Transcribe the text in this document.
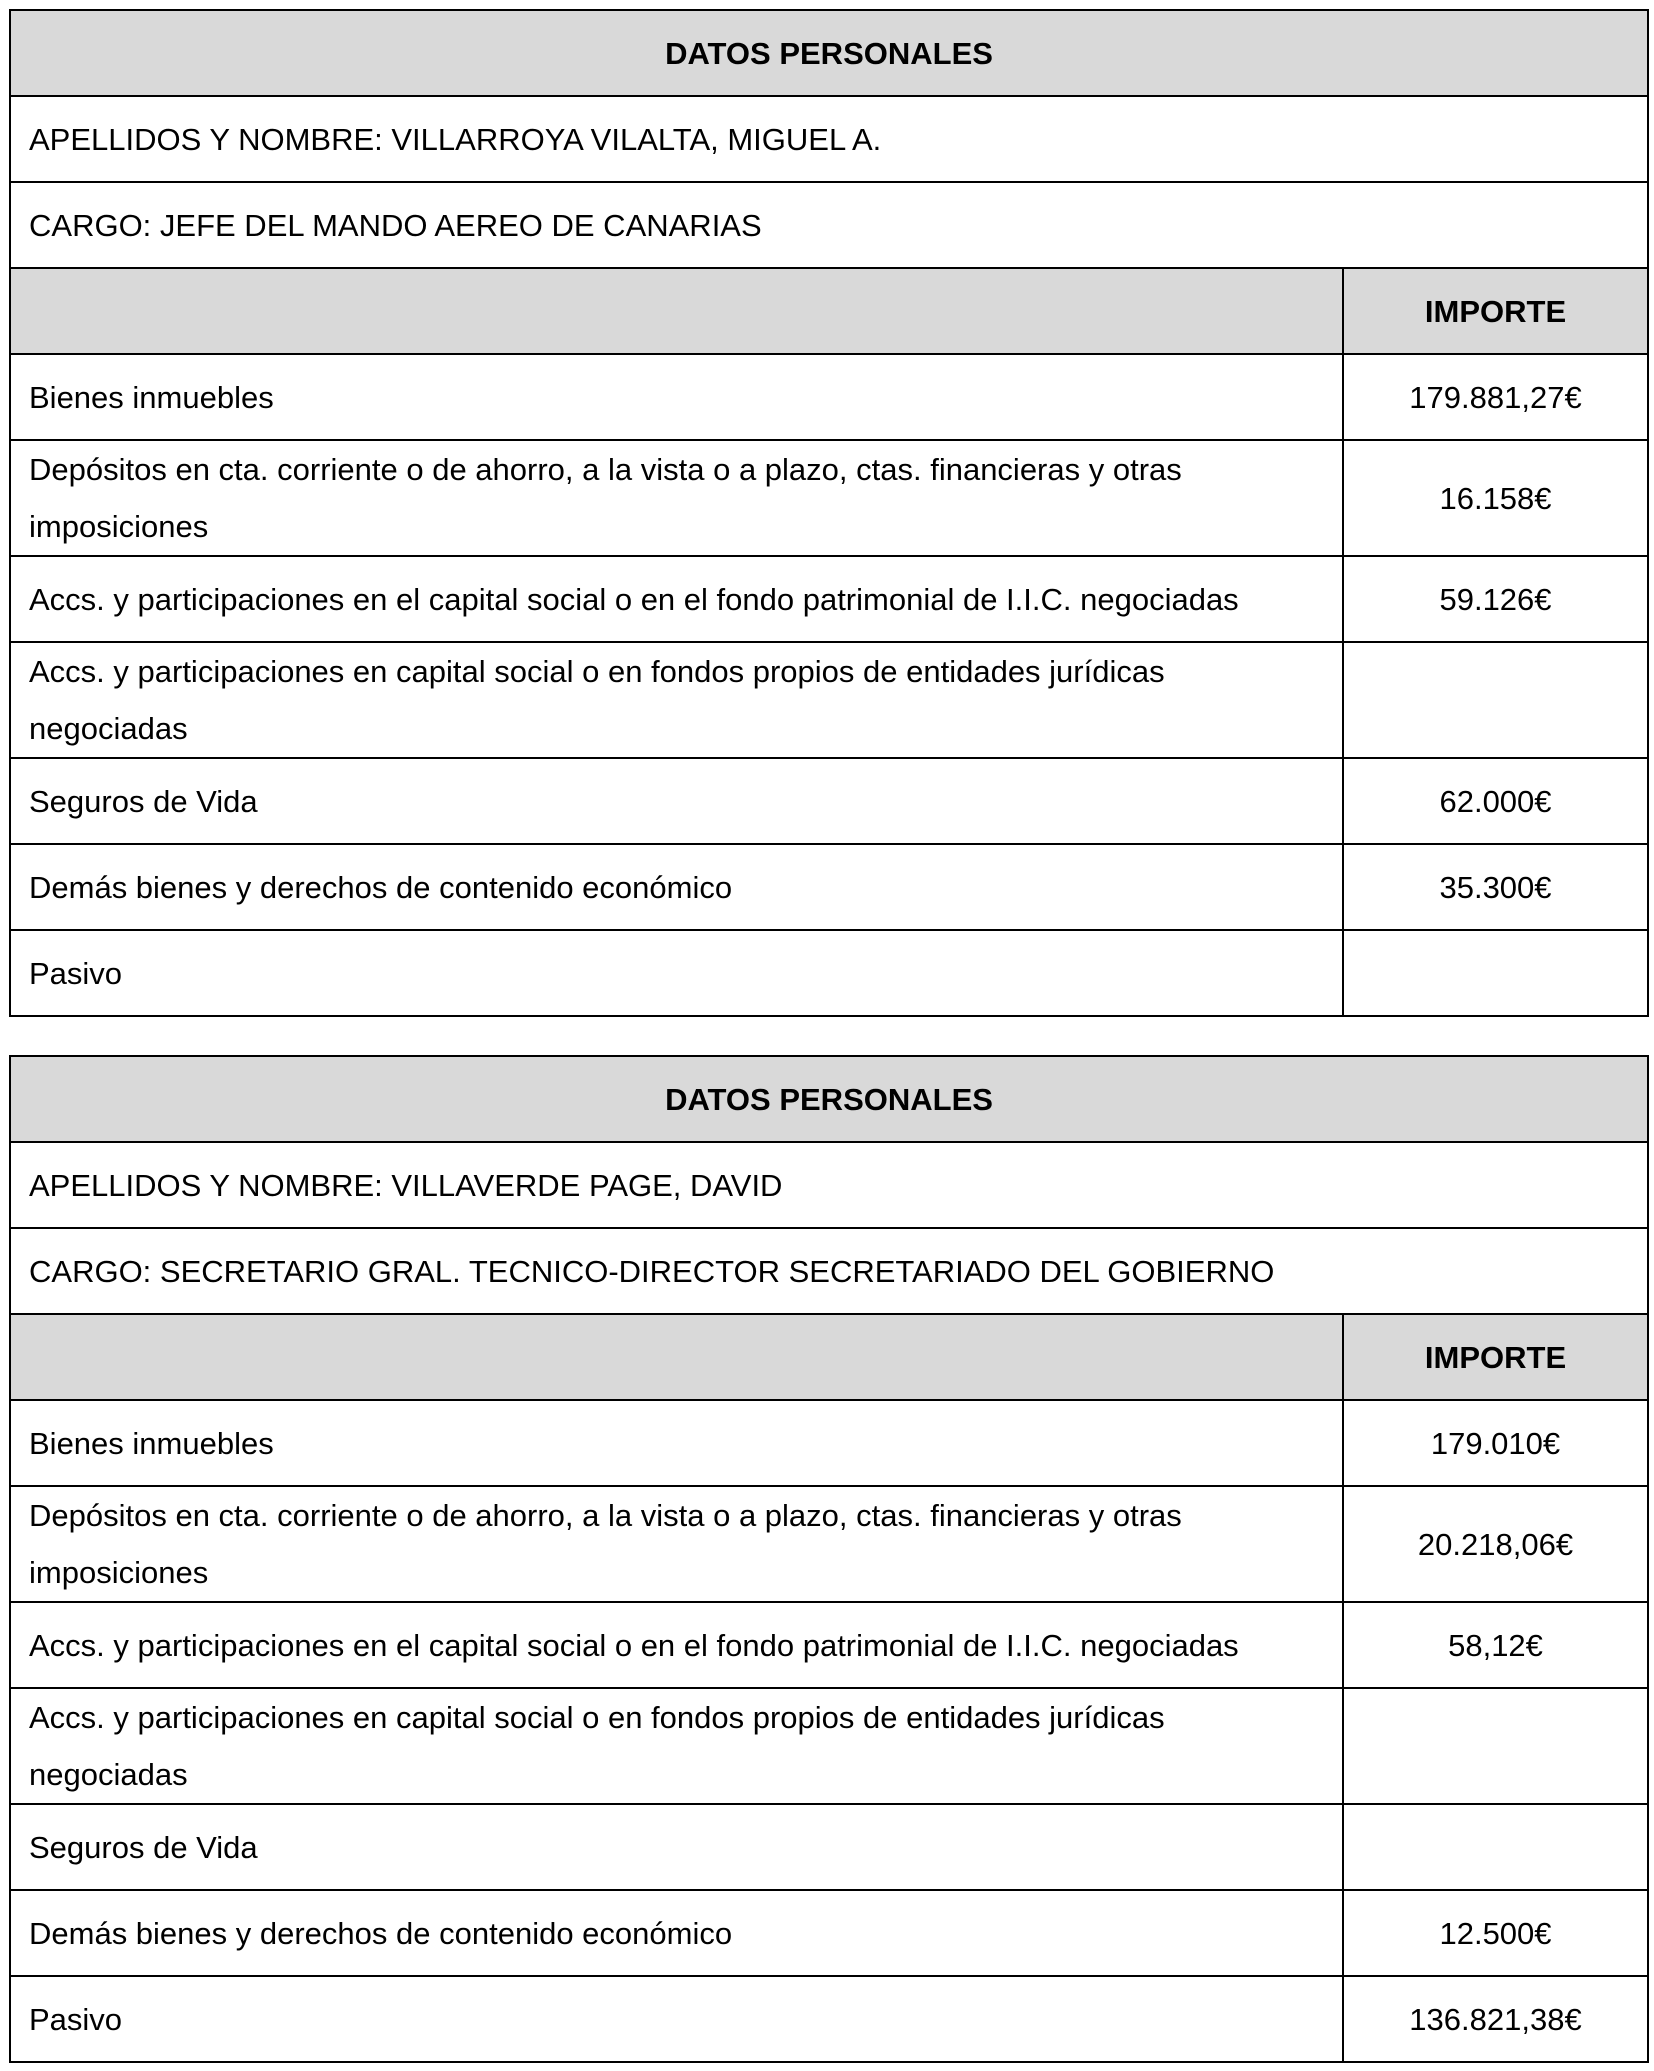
DATOS PERSONALES	
APELLIDOS Y NOMBRE: VILLARROYA VILALTA, MIGUEL A.	
CARGO: JEFE DEL MANDO AEREO DE CANARIAS	
	IMPORTE
Bienes inmuebles	179.881,27€
Depósitos en cta. corriente o de ahorro, a la vista o a plazo, ctas. financieras y otras imposiciones	16.158€
Accs. y participaciones en el capital social o en el fondo patrimonial de I.I.C. negociadas	59.126€
Accs. y participaciones en capital social o en fondos propios de entidades jurídicas negociadas	
Seguros de Vida	62.000€
Demás bienes y derechos de contenido económico	35.300€
Pasivo	
DATOS PERSONALES	
APELLIDOS Y NOMBRE: VILLAVERDE PAGE, DAVID	
CARGO: SECRETARIO GRAL. TECNICO-DIRECTOR SECRETARIADO DEL GOBIERNO	
	IMPORTE
Bienes inmuebles	179.010€
Depósitos en cta. corriente o de ahorro, a la vista o a plazo, ctas. financieras y otras imposiciones	20.218,06€
Accs. y participaciones en el capital social o en el fondo patrimonial de I.I.C. negociadas	58,12€
Accs. y participaciones en capital social o en fondos propios de entidades jurídicas negociadas	
Seguros de Vida	
Demás bienes y derechos de contenido económico	12.500€
Pasivo	136.821,38€
